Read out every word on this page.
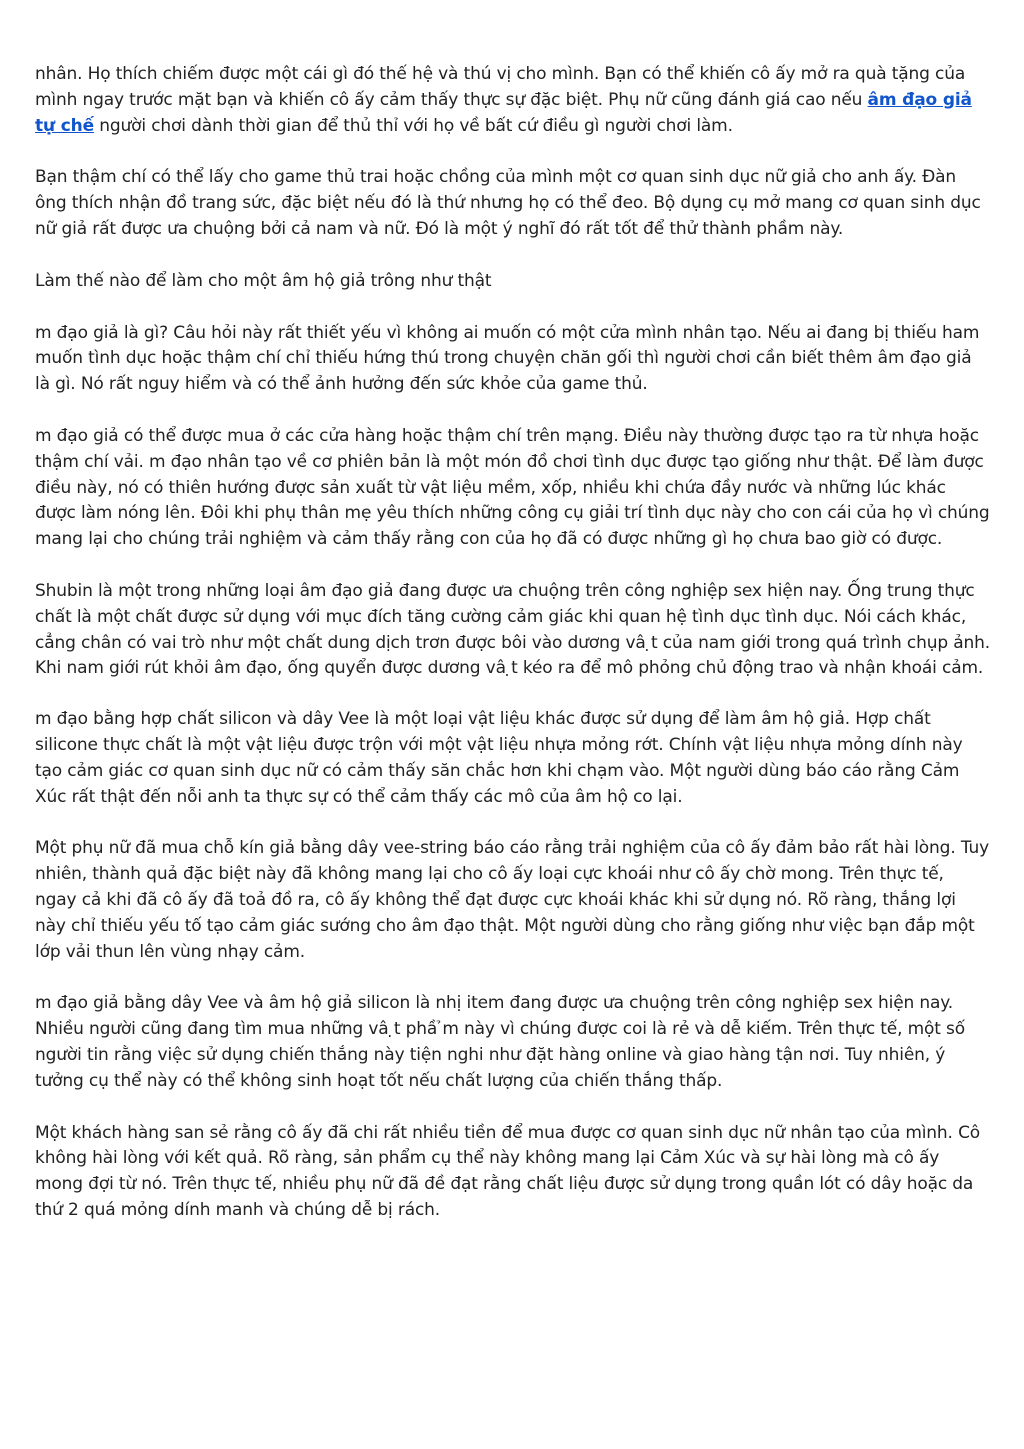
nhân. Họ thích chiếm được một cái gì đó thế hệ và thú vị cho mình. Bạn có thể khiến cô ấy mở ra quà tặng của mình ngay trước mặt bạn và khiến cô ấy cảm thấy thực sự đặc biệt. Phụ nữ cũng đánh giá cao nếu âm đạo giả tự chế người chơi dành thời gian để thủ thỉ với họ về bất cứ điều gì người chơi làm.

Bạn thậm chí có thể lấy cho game thủ trai hoặc chồng của mình một cơ quan sinh dục nữ giả cho anh ấy. Đàn ông thích nhận đồ trang sức, đặc biệt nếu đó là thứ nhưng họ có thể đeo. Bộ dụng cụ mở mang cơ quan sinh dục nữ giả rất được ưa chuộng bởi cả nam và nữ. Đó là một ý nghĩ đó rất tốt để thử thành phầm này.

Làm thế nào để làm cho một âm hộ giả trông như thật

m đạo giả là gì? Câu hỏi này rất thiết yếu vì không ai muốn có một cửa mình nhân tạo. Nếu ai đang bị thiếu ham muốn tình dục hoặc thậm chí chỉ thiếu hứng thú trong chuyện chăn gối thì người chơi cần biết thêm âm đạo giả là gì. Nó rất nguy hiểm và có thể ảnh hưởng đến sức khỏe của game thủ.

m đạo giả có thể được mua ở các cửa hàng hoặc thậm chí trên mạng. Điều này thường được tạo ra từ nhựa hoặc thậm chí vải. m đạo nhân tạo về cơ phiên bản là một món đồ chơi tình dục được tạo giống như thật. Để làm được điều này, nó có thiên hướng được sản xuất từ vật liệu mềm, xốp, nhiều khi chứa đầy nước và những lúc khác được làm nóng lên. Đôi khi phụ thân mẹ yêu thích những công cụ giải trí tình dục này cho con cái của họ vì chúng mang lại cho chúng trải nghiệm và cảm thấy rằng con của họ đã có được những gì họ chưa bao giờ có được.

Shubin là một trong những loại âm đạo giả đang được ưa chuộng trên công nghiệp sex hiện nay. Ống trung thực chất là một chất được sử dụng với mục đích tăng cường cảm giác khi quan hệ tình dục tình dục. Nói cách khác, cẳng chân có vai trò như một chất dung dịch trơn được bôi vào dương vâ ̣t của nam giới trong quá trình chụp ảnh. Khi nam giới rút khỏi âm đạo, ống quyển được dương vâ ̣t kéo ra để mô phỏng chủ động trao và nhận khoái cảm.

m đạo bằng hợp chất silicon và dây Vee là một loại vật liệu khác được sử dụng để làm âm hộ giả. Hợp chất silicone thực chất là một vật liệu được trộn với một vật liệu nhựa mỏng rớt. Chính vật liệu nhựa mỏng dính này tạo cảm giác cơ quan sinh dục nữ có cảm thấy săn chắc hơn khi chạm vào. Một người dùng báo cáo rằng Cảm Xúc rất thật đến nỗi anh ta thực sự có thể cảm thấy các mô của âm hộ co lại.

Một phụ nữ đã mua chỗ kín giả bằng dây vee-string báo cáo rằng trải nghiệm của cô ấy đảm bảo rất hài lòng. Tuy nhiên, thành quả đặc biệt này đã không mang lại cho cô ấy loại cực khoái như cô ấy chờ mong. Trên thực tế, ngay cả khi đã cô ấy đã toả đồ ra, cô ấy không thể đạt được cực khoái khác khi sử dụng nó. Rõ ràng, thắng lợi này chỉ thiếu yếu tố tạo cảm giác sướng cho âm đạo thật. Một người dùng cho rằng giống như việc bạn đắp một lớp vải thun lên vùng nhạy cảm.

m đạo giả bằng dây Vee và âm hộ giả silicon là nhị item đang được ưa chuộng trên công nghiệp sex hiện nay. Nhiều người cũng đang tìm mua những vâ ̣t phầ ̉m này vì chúng được coi là rẻ và dễ kiếm. Trên thực tế, một số người tin rằng việc sử dụng chiến thắng này tiện nghi như đặt hàng online và giao hàng tận nơi. Tuy nhiên, ý tưởng cụ thể này có thể không sinh hoạt tốt nếu chất lượng của chiến thắng thấp.

Một khách hàng san sẻ rằng cô ấy đã chi rất nhiều tiền để mua được cơ quan sinh dục nữ nhân tạo của mình. Cô không hài lòng với kết quả. Rõ ràng, sản phẩm cụ thể này không mang lại Cảm Xúc và sự hài lòng mà cô ấy mong đợi từ nó. Trên thực tế, nhiều phụ nữ đã đề đạt rằng chất liệu được sử dụng trong quần lót có dây hoặc da thứ 2 quá mỏng dính manh và chúng dễ bị rách.
